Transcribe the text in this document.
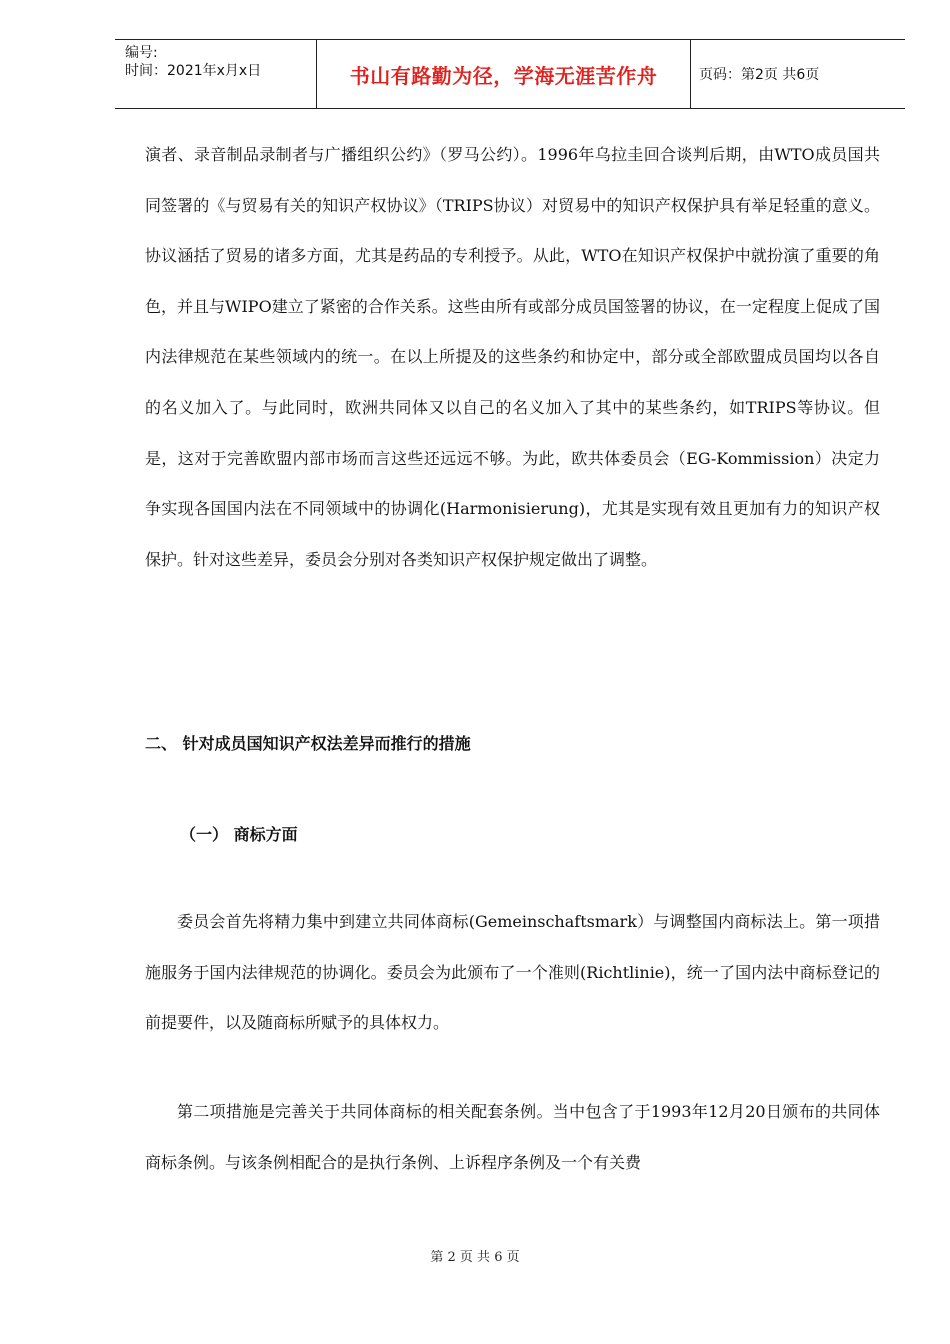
编号:
时间：2021年x月x日	书山有路勤为径，学海无涯苦作舟	页码：第2页 共6页

演者、录音制品录制者与广播组织公约》（罗马公约）。1996年乌拉圭回合谈判后期，由WTO成员国共同签署的《与贸易有关的知识产权协议》（TRIPS协议）对贸易中的知识产权保护具有举足轻重的意义。协议涵括了贸易的诸多方面，尤其是药品的专利授予。从此，WTO在知识产权保护中就扮演了重要的角色，并且与WIPO建立了紧密的合作关系。这些由所有或部分成员国签署的协议，在一定程度上促成了国内法律规范在某些领域内的统一。在以上所提及的这些条约和协定中，部分或全部欧盟成员国均以各自的名义加入了。与此同时，欧洲共同体又以自己的名义加入了其中的某些条约，如TRIPS等协议。但是，这对于完善欧盟内部市场而言这些还远远不够。为此，欧共体委员会（EG-Kommission）决定力争实现各国国内法在不同领域中的协调化(Harmonisierung)，尤其是实现有效且更加有力的知识产权保护。针对这些差异，委员会分别对各类知识产权保护规定做出了调整。

二、 针对成员国知识产权法差异而推行的措施

（一） 商标方面

委员会首先将精力集中到建立共同体商标(Gemeinschaftsmark）与调整国内商标法上。第一项措施服务于国内法律规范的协调化。委员会为此颁布了一个准则(Richtlinie)，统一了国内法中商标登记的前提要件，以及随商标所赋予的具体权力。

第二项措施是完善关于共同体商标的相关配套条例。当中包含了于1993年12月20日颁布的共同体商标条例。与该条例相配合的是执行条例、上诉程序条例及一个有关费

第 2 页 共 6 页
